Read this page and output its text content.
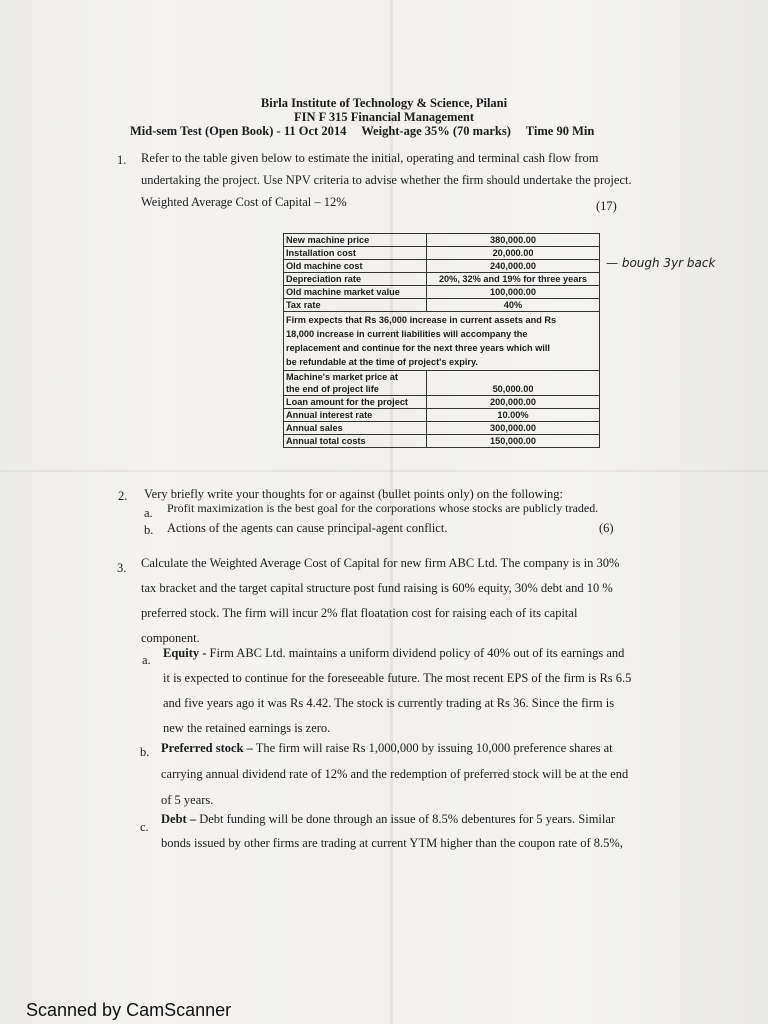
Birla Institute of Technology & Science, Pilani
FIN F 315 Financial Management
Mid-sem Test (Open Book) - 11 Oct 2014 Weight-age 35% (70 marks) Time 90 Min
1. Refer to the table given below to estimate the initial, operating and terminal cash flow from
undertaking the project. Use NPV criteria to advise whether the firm should undertake the project.
Weighted Average Cost of Capital – 12%	(17)
New machine price	380,000.00
Installation cost	20,000.00
Old machine cost	240,000.00
Depreciation rate	20%, 32% and 19% for three years
Old machine market value	100,000.00
Tax rate	40%

Firm expects that Rs 36,000 increase in current assets and Rs
18,000 increase in current liabilities will accompany the
replacement and continue for the next three years which will
be refundable at the time of project's expiry.	

Machine's market price at
the end of project life	50,000.00

Loan amount for the project	200,000.00

Annual interest rate	10.00%

Annual sales	300,000.00

Annual total costs	150,000.00
— bough 3yr back
2. Very briefly write your thoughts for or against (bullet points only) on the following:
a. Profit maximization is the best goal for the corporations whose stocks are publicly traded.
b. Actions of the agents can cause principal-agent conflict.	(6)
3. Calculate the Weighted Average Cost of Capital for new firm ABC Ltd. The company is in 30%
tax bracket and the target capital structure post fund raising is 60% equity, 30% debt and 10 %
preferred stock. The firm will incur 2% flat floatation cost for raising each of its capital
component.
a. Equity - Firm ABC Ltd. maintains a uniform dividend policy of 40% out of its earnings and
it is expected to continue for the foreseeable future. The most recent EPS of the firm is Rs 6.5
and five years ago it was Rs 4.42. The stock is currently trading at Rs 36. Since the firm is
new the retained earnings is zero.
b. Preferred stock – The firm will raise Rs 1,000,000 by issuing 10,000 preference shares at
carrying annual dividend rate of 12% and the redemption of preferred stock will be at the end
of 5 years.
c.
Debt – Debt funding will be done through an issue of 8.5% debentures for 5 years. Similar
bonds issued by other firms are trading at current YTM higher than the coupon rate of 8.5%,
Scanned by CamScanner
